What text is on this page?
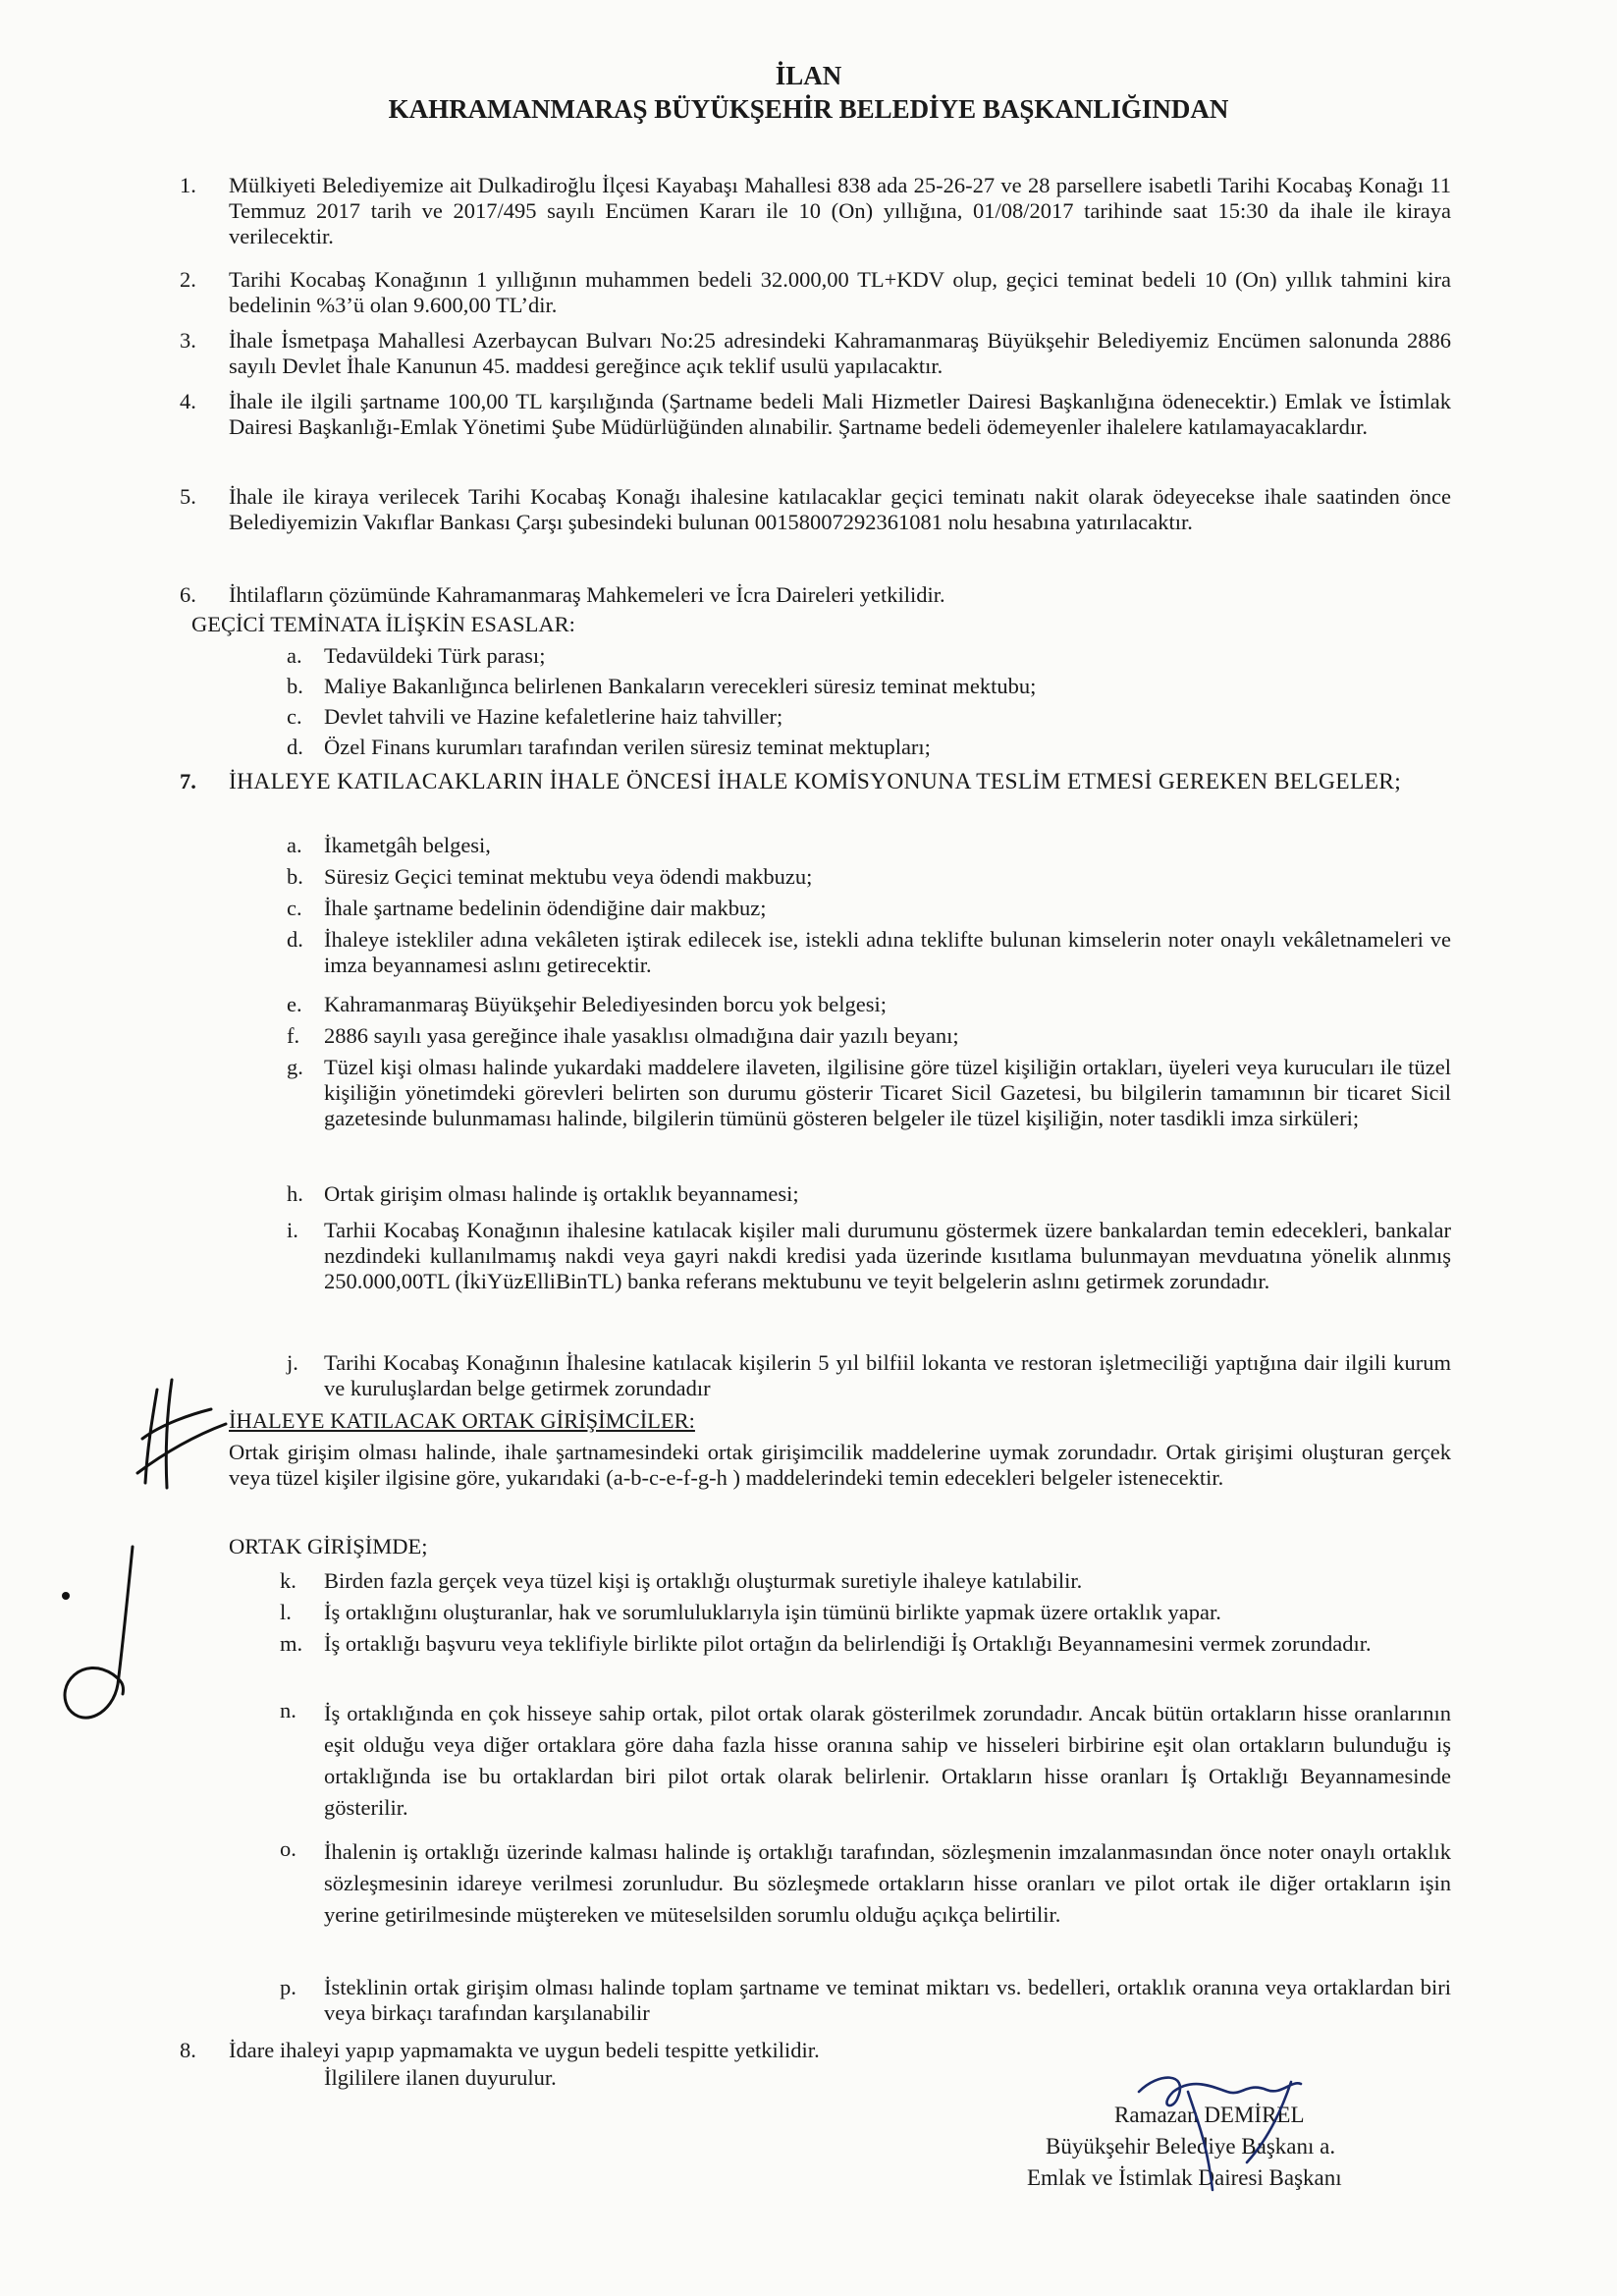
İLAN
KAHRAMANMARAŞ BÜYÜKŞEHİR BELEDİYE BAŞKANLIĞINDAN
1. Mülkiyeti Belediyemize ait Dulkadiroğlu İlçesi Kayabaşı Mahallesi 838 ada 25-26-27 ve 28 parsellere isabetli Tarihi Kocabaş Konağı 11 Temmuz 2017 tarih ve 2017/495 sayılı Encümen Kararı ile 10 (On) yıllığına, 01/08/2017 tarihinde saat 15:30 da ihale ile kiraya verilecektir.
2. Tarihi Kocabaş Konağının 1 yıllığının muhammen bedeli 32.000,00 TL+KDV olup, geçici teminat bedeli 10 (On) yıllık tahmini kira bedelinin %3’ü olan 9.600,00 TL’dir.
3. İhale İsmetpaşa Mahallesi Azerbaycan Bulvarı No:25 adresindeki Kahramanmaraş Büyükşehir Belediyemiz Encümen salonunda 2886 sayılı Devlet İhale Kanunun 45. maddesi gereğince açık teklif usulü yapılacaktır.
4. İhale ile ilgili şartname 100,00 TL karşılığında (Şartname bedeli Mali Hizmetler Dairesi Başkanlığına ödenecektir.) Emlak ve İstimlak Dairesi Başkanlığı-Emlak Yönetimi Şube Müdürlüğünden alınabilir. Şartname bedeli ödemeyenler ihalelere katılamayacaklardır.
5. İhale ile kiraya verilecek Tarihi Kocabaş Konağı ihalesine katılacaklar geçici teminatı nakit olarak ödeyecekse ihale saatinden önce Belediyemizin Vakıflar Bankası Çarşı şubesindeki bulunan 00158007292361081 nolu hesabına yatırılacaktır.
6. İhtilafların çözümünde Kahramanmaraş Mahkemeleri ve İcra Daireleri yetkilidir.
GEÇİCİ TEMİNATA İLİŞKİN ESASLAR:
a. Tedavüldeki Türk parası;
b. Maliye Bakanlığınca belirlenen Bankaların verecekleri süresiz teminat mektubu;
c. Devlet tahvili ve Hazine kefaletlerine haiz tahviller;
d. Özel Finans kurumları tarafından verilen süresiz teminat mektupları;
7. İHALEYE KATILACAKLARIN İHALE ÖNCESİ İHALE KOMİSYONUNA TESLİM ETMESİ GEREKEN BELGELER;
a. İkametgâh belgesi,
b. Süresiz Geçici teminat mektubu veya ödendi makbuzu;
c. İhale şartname bedelinin ödendiğine dair makbuz;
d. İhaleye istekliler adına vekâleten iştirak edilecek ise, istekli adına teklifte bulunan kimselerin noter onaylı vekâletnameleri ve imza beyannamesi aslını getirecektir.
e. Kahramanmaraş Büyükşehir Belediyesinden borcu yok belgesi;
f. 2886 sayılı yasa gereğince ihale yasaklısı olmadığına dair yazılı beyanı;
g. Tüzel kişi olması halinde yukardaki maddelere ilaveten, ilgilisine göre tüzel kişiliğin ortakları, üyeleri veya kurucuları ile tüzel kişiliğin yönetimdeki görevleri belirten son durumu gösterir Ticaret Sicil Gazetesi, bu bilgilerin tamamının bir ticaret Sicil gazetesinde bulunmaması halinde, bilgilerin tümünü gösteren belgeler ile tüzel kişiliğin, noter tasdikli imza sirküleri;
h. Ortak girişim olması halinde iş ortaklık beyannamesi;
i. Tarhii Kocabaş Konağının ihalesine katılacak kişiler mali durumunu göstermek üzere bankalardan temin edecekleri, bankalar nezdindeki kullanılmamış nakdi veya gayri nakdi kredisi yada üzerinde kısıtlama bulunmayan mevduatına yönelik alınmış 250.000,00TL (İkiYüzElliBinTL) banka referans mektubunu ve teyit belgelerin aslını getirmek zorundadır.
j. Tarihi Kocabaş Konağının İhalesine katılacak kişilerin 5 yıl bilfiil lokanta ve restoran işletmeciliği yaptığına dair ilgili kurum ve kuruluşlardan belge getirmek zorundadır
İHALEYE KATILACAK ORTAK GİRİŞİMCİLER:
Ortak girişim olması halinde, ihale şartnamesindeki ortak girişimcilik maddelerine uymak zorundadır. Ortak girişimi oluşturan gerçek veya tüzel kişiler ilgisine göre, yukarıdaki (a-b-c-e-f-g-h ) maddelerindeki temin edecekleri belgeler istenecektir.
ORTAK GİRİŞİMDE;
k. Birden fazla gerçek veya tüzel kişi iş ortaklığı oluşturmak suretiyle ihaleye katılabilir.
l. İş ortaklığını oluşturanlar, hak ve sorumluluklarıyla işin tümünü birlikte yapmak üzere ortaklık yapar.
m. İş ortaklığı başvuru veya teklifiyle birlikte pilot ortağın da belirlendiği İş Ortaklığı Beyannamesini vermek zorundadır.
n. İş ortaklığında en çok hisseye sahip ortak, pilot ortak olarak gösterilmek zorundadır. Ancak bütün ortakların hisse oranlarının eşit olduğu veya diğer ortaklara göre daha fazla hisse oranına sahip ve hisseleri birbirine eşit olan ortakların bulunduğu iş ortaklığında ise bu ortaklardan biri pilot ortak olarak belirlenir. Ortakların hisse oranları İş Ortaklığı Beyannamesinde gösterilir.
o. İhalenin iş ortaklığı üzerinde kalması halinde iş ortaklığı tarafından, sözleşmenin imzalanmasından önce noter onaylı ortaklık sözleşmesinin idareye verilmesi zorunludur. Bu sözleşmede ortakların hisse oranları ve pilot ortak ile diğer ortakların işin yerine getirilmesinde müştereken ve müteselsilden sorumlu olduğu açıkça belirtilir.
p. İsteklinin ortak girişim olması halinde toplam şartname ve teminat miktarı vs. bedelleri, ortaklık oranına veya ortaklardan biri veya birkaçı tarafından karşılanabilir
8. İdare ihaleyi yapıp yapmamakta ve uygun bedeli tespitte yetkilidir.
İlgililere ilanen duyurulur.
Ramazan DEMİREL
Büyükşehir Belediye Başkanı a.
Emlak ve İstimlak Dairesi Başkanı
